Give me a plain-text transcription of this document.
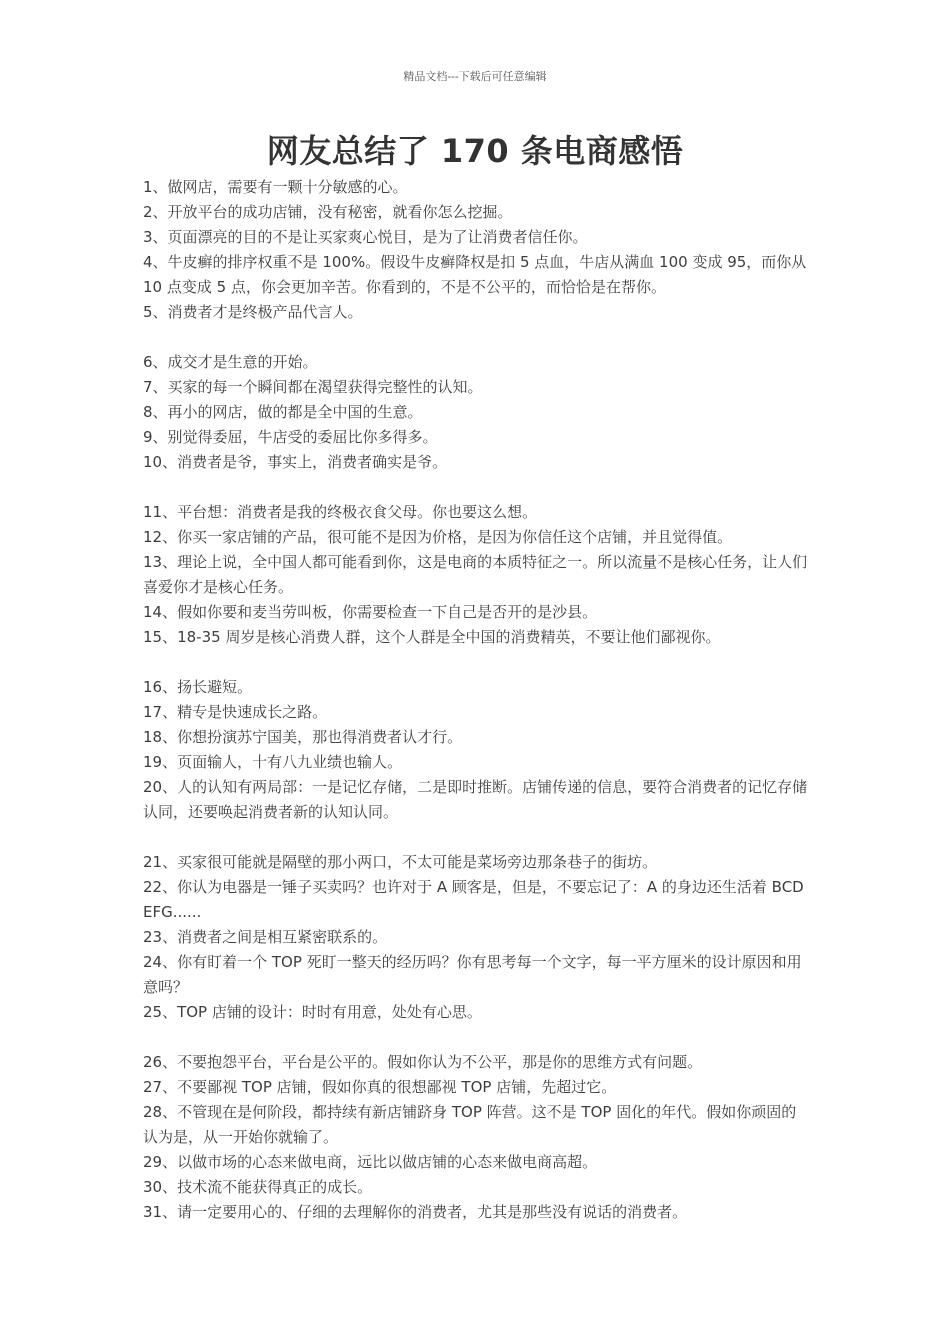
精品文档---下载后可任意编辑
网友总结了 170 条电商感悟
1、做网店，需要有一颗十分敏感的心。
2、开放平台的成功店铺，没有秘密，就看你怎么挖掘。
3、页面漂亮的目的不是让买家爽心悦目，是为了让消费者信任你。
4、牛皮癣的排序权重不是 100%。假设牛皮癣降权是扣 5 点血，牛店从满血 100 变成 95，而你从 10 点变成 5 点，你会更加辛苦。你看到的，不是不公平的，而恰恰是在帮你。
5、消费者才是终极产品代言人。
6、成交才是生意的开始。
7、买家的每一个瞬间都在渴望获得完整性的认知。
8、再小的网店，做的都是全中国的生意。
9、别觉得委屈，牛店受的委屈比你多得多。
10、消费者是爷，事实上，消费者确实是爷。
11、平台想：消费者是我的终极衣食父母。你也要这么想。
12、你买一家店铺的产品，很可能不是因为价格，是因为你信任这个店铺，并且觉得值。
13、理论上说，全中国人都可能看到你，这是电商的本质特征之一。所以流量不是核心任务，让人们喜爱你才是核心任务。
14、假如你要和麦当劳叫板，你需要检查一下自己是否开的是沙县。
15、18-35 周岁是核心消费人群，这个人群是全中国的消费精英，不要让他们鄙视你。
16、扬长避短。
17、精专是快速成长之路。
18、你想扮演苏宁国美，那也得消费者认才行。
19、页面输人，十有八九业绩也输人。
20、人的认知有两局部：一是记忆存储，二是即时推断。店铺传递的信息，要符合消费者的记忆存储认同，还要唤起消费者新的认知认同。
21、买家很可能就是隔壁的那小两口，不太可能是菜场旁边那条巷子的街坊。
22、你认为电器是一锤子买卖吗？也许对于 A 顾客是，但是，不要忘记了：A 的身边还生活着 BCDEFG......
23、消费者之间是相互紧密联系的。
24、你有盯着一个 TOP 死盯一整天的经历吗？你有思考每一个文字，每一平方厘米的设计原因和用意吗？
25、TOP 店铺的设计：时时有用意，处处有心思。
26、不要抱怨平台，平台是公平的。假如你认为不公平，那是你的思维方式有问题。
27、不要鄙视 TOP 店铺，假如你真的很想鄙视 TOP 店铺，先超过它。
28、不管现在是何阶段，都持续有新店铺跻身 TOP 阵营。这不是 TOP 固化的年代。假如你顽固的认为是，从一开始你就输了。
29、以做市场的心态来做电商，远比以做店铺的心态来做电商高超。
30、技术流不能获得真正的成长。
31、请一定要用心的、仔细的去理解你的消费者，尤其是那些没有说话的消费者。
